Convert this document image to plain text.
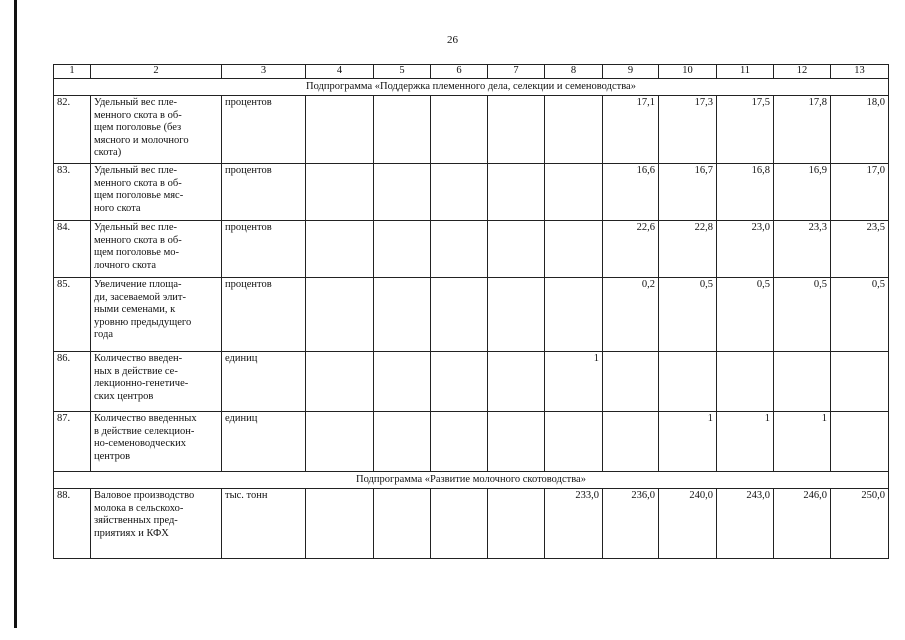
26
1	2	3	4	5	6	7	8	9	10	11	12	13
Подпрограмма «Поддержка племенного дела, селекции и семеноводства»												
82.	Удельный вес пле-
менного скота в об-
щем поголовье (без
мясного и молочного
скота)	процентов						17,1	17,3	17,5	17,8	18,0
83.	Удельный вес пле-
менного скота в об-
щем поголовье мяс-
ного скота	процентов						16,6	16,7	16,8	16,9	17,0
84.	Удельный вес пле-
менного скота в об-
щем поголовье мо-
лочного скота	процентов						22,6	22,8	23,0	23,3	23,5
85.	Увеличение площа-
ди, засеваемой элит-
ными семенами, к
уровню предыдущего
года	процентов						0,2	0,5	0,5	0,5	0,5
86.	Количество введен-
ных в действие се-
лекционно-генетиче-
ских центров	единиц					1					
87.	Количество введенных
в действие селекцион-
но-семеноводческих
центров	единиц							1	1	1	
Подпрограмма «Развитие молочного скотоводства»												
88.	Валовое производство
молока в сельскохо-
зяйственных пред-
приятиях и КФХ	тыс. тонн					233,0	236,0	240,0	243,0	246,0	250,0
